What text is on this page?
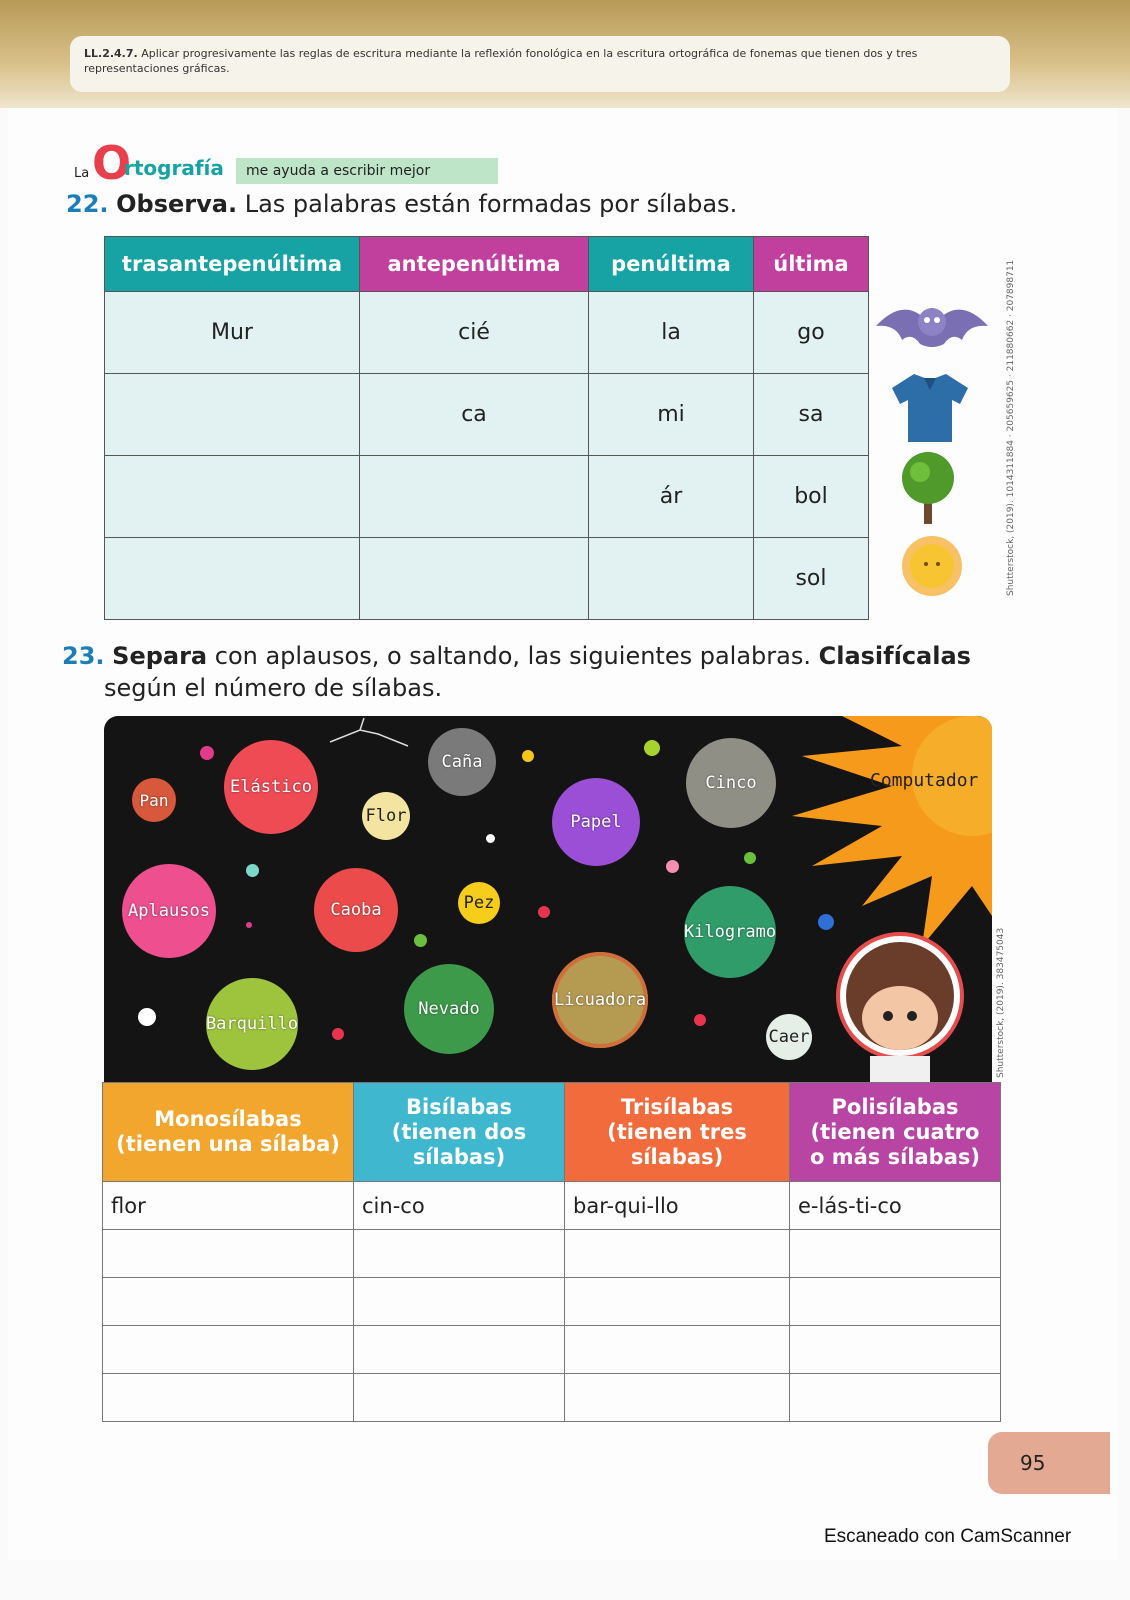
LL.2.4.7. Aplicar progresivamente las reglas de escritura mediante la reflexión fonológica en la escritura ortográfica de fonemas que tienen dos y tres representaciones gráficas.
La O
rtografía	me ayuda a escribir mejor
22. Observa. Las palabras están formadas por sílabas.
trasantepenúltima	antepenúltima	penúltima	última
Mur	cié	la	go
	ca	mi	sa
		ár	bol
			sol	Shutterstock, (2019). 1014311884 · 205659625 · 211880662 · 207898711
23. Separa con aplausos, o saltando, las siguientes palabras. Clasifícalas
según el número de sílabas.
Computador
Pan
Elástico
Caña
Flor	Papel
Cinco
Aplausos	Caoba	Pez
Kilogramo
Barquillo
Nevado	Licuadora
Caer	Shutterstock, (2019). 383475043
Monosílabas
(tienen una sílaba)	Bisílabas
(tienen dos
sílabas)	Trisílabas
(tienen tres
sílabas)	Polisílabas
(tienen cuatro
o más sílabas)
flor	cin-co	bar-qui-llo	e-lás-ti-co

95
Escaneado con CamScanner
